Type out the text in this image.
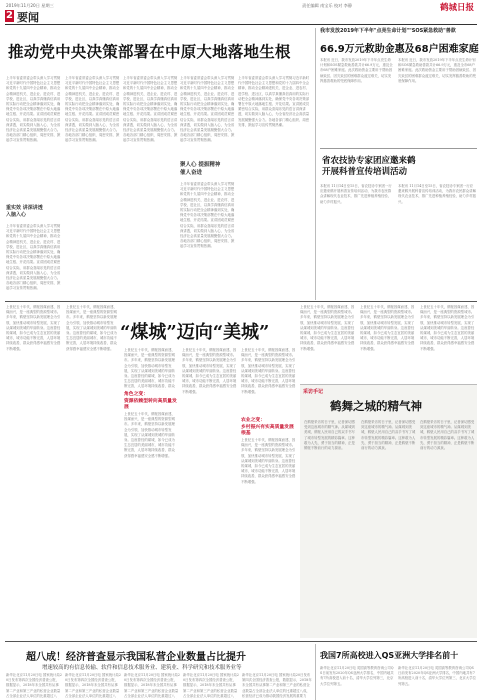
2019年11月20日 星期三	责任编辑 南宝乐 校对 李静	鹤城日报
2 要闻
推动党中央决策部署在中原大地落地生根
上半年省委常委会带头深入学习贯彻习近平新时代中国特色社会主义思想和党的十九届四中全会精神，推动全会精神进机关、进企业、进农村、进学校、进社区，以真学真懂真信真用的实际行动把全会精神落到实处，确保党中央各项决策部署在中原大地落地生根、开花结果。宣讲团成员紧密结合实际，用群众喜闻乐见的语言讲深讲透，切实做到入脑入心，为全省经济社会高质量发展凝聚强大合力。各地各部门精心组织、周密安排，掀起学习宣传贯彻热潮。
重实效 讲深讲透
入脑入心
上半年省委常委会带头深入学习贯彻习近平新时代中国特色社会主义思想和党的十九届四中全会精神，推动全会精神进机关、进企业、进农村、进学校、进社区，以真学真懂真信真用的实际行动把全会精神落到实处，确保党中央各项决策部署在中原大地落地生根、开花结果。宣讲团成员紧密结合实际，用群众喜闻乐见的语言讲深讲透，切实做到入脑入心，为全省经济社会高质量发展凝聚强大合力。各地各部门精心组织、周密安排，掀起学习宣传贯彻热潮。
上半年省委常委会带头深入学习贯彻习近平新时代中国特色社会主义思想和党的十九届四中全会精神，推动全会精神进机关、进企业、进农村、进学校、进社区，以真学真懂真信真用的实际行动把全会精神落到实处，确保党中央各项决策部署在中原大地落地生根、开花结果。宣讲团成员紧密结合实际，用群众喜闻乐见的语言讲深讲透，切实做到入脑入心，为全省经济社会高质量发展凝聚强大合力。各地各部门精心组织、周密安排，掀起学习宣传贯彻热潮。
上半年省委常委会带头深入学习贯彻习近平新时代中国特色社会主义思想和党的十九届四中全会精神，推动全会精神进机关、进企业、进农村、进学校、进社区，以真学真懂真信真用的实际行动把全会精神落到实处，确保党中央各项决策部署在中原大地落地生根、开花结果。宣讲团成员紧密结合实际，用群众喜闻乐见的语言讲深讲透，切实做到入脑入心，为全省经济社会高质量发展凝聚强大合力。各地各部门精心组织、周密安排，掀起学习宣传贯彻热潮。
上半年省委常委会带头深入学习贯彻习近平新时代中国特色社会主义思想和党的十九届四中全会精神，推动全会精神进机关、进企业、进农村、进学校、进社区，以真学真懂真信真用的实际行动把全会精神落到实处，确保党中央各项决策部署在中原大地落地生根、开花结果。宣讲团成员紧密结合实际，用群众喜闻乐见的语言讲深讲透，切实做到入脑入心，为全省经济社会高质量发展凝聚强大合力。各地各部门精心组织、周密安排，掀起学习宣传贯彻热潮。
聚人心 提振精神
催人奋进
上半年省委常委会带头深入学习贯彻习近平新时代中国特色社会主义思想和党的十九届四中全会精神，推动全会精神进机关、进企业、进农村、进学校、进社区，以真学真懂真信真用的实际行动把全会精神落到实处，确保党中央各项决策部署在中原大地落地生根、开花结果。宣讲团成员紧密结合实际，用群众喜闻乐见的语言讲深讲透，切实做到入脑入心，为全省经济社会高质量发展凝聚强大合力。各地各部门精心组织、周密安排，掀起学习宣传贯彻热潮。
上半年省委常委会带头深入学习贯彻习近平新时代中国特色社会主义思想和党的十九届四中全会精神，推动全会精神进机关、进企业、进农村、进学校、进社区，以真学真懂真信真用的实际行动把全会精神落到实处，确保党中央各项决策部署在中原大地落地生根、开花结果。宣讲团成员紧密结合实际，用群众喜闻乐见的语言讲深讲透，切实做到入脑入心，为全省经济社会高质量发展凝聚强大合力。各地各部门精心组织、周密安排，掀起学习宣传贯彻热潮。
我市发放2019年下半年"点亮生命计划""SOS紧急救助"善款
66.9万元救助金惠及68户困难家庭
本报讯 近日，我市发放2019年下半年点亮生命计划和SOS紧急救助善款共计66.9万元，惠及全市68户困难家庭。此次救助资金主要用于帮助因病致贫、因灾致贫的困难群众渡过难关，切实发挥慈善救助的兜底保障作用。
本报讯 近日，我市发放2019年下半年点亮生命计划和SOS紧急救助善款共计66.9万元，惠及全市68户困难家庭。此次救助资金主要用于帮助因病致贫、因灾致贫的困难群众渡过难关，切实发挥慈善救助的兜底保障作用。
省农技协专家团应邀来鹤
开展科普宣传培训活动
本报讯 11月14日至15日，省农技协专家团一行应邀来鹤开展科普宣传培训活动，为我市农民群众讲解现代农业技术，推广先进种植养殖经验，助力乡村振兴。
本报讯 11月14日至15日，省农技协专家团一行应邀来鹤开展科普宣传培训活动，为我市农民群众讲解现代农业技术，推广先进种植养殖经验，助力乡村振兴。
“煤城”迈向“美城”
上世纪五十年代，鹤壁因煤而建、因煤而兴，是一座典型的资源型城市。多年来，鹤壁坚持以新发展理念为引领，加快推动城市转型发展，实现了从煤城到美城的华丽转身。这座曾经的煤城，如今已成为生态宜居的美丽城市，城市功能不断完善，人居环境持续改善，群众获得感幸福感安全感不断增强。
上世纪五十年代，鹤壁因煤而建、因煤而兴，是一座典型的资源型城市。多年来，鹤壁坚持以新发展理念为引领，加快推动城市转型发展，实现了从煤城到美城的华丽转身。这座曾经的煤城，如今已成为生态宜居的美丽城市，城市功能不断完善，人居环境持续改善，群众获得感幸福感安全感不断增强。	上世纪五十年代，鹤壁因煤而建、因煤而兴，是一座典型的资源型城市。多年来，鹤壁坚持以新发展理念为引领，加快推动城市转型发展，实现了从煤城到美城的华丽转身。这座曾经的煤城，如今已成为生态宜居的美丽城市，城市功能不断完善，人居环境持续改善，群众
角色之变：
资源依赖型转向高质量发展
上世纪五十年代，鹤壁因煤而建、因煤而兴，是一座典型的资源型城市。多年来，鹤壁坚持以新发展理念为引领，加快推动城市转型发展，实现了从煤城到美城的华丽转身。这座曾经的煤城，如今已成为生态宜居的美丽城市，城市功能不断完善，人居环境持续改善，群众获得感幸福感安全感不断增强。
上世纪五十年代，鹤壁因煤而建、因煤而兴，是一座典型的资源型城市。多年来，鹤壁坚持以新发展理念为引领，加快推动城市转型发展，实现了从煤城到美城的华丽转身。这座曾经的煤城，如今已成为生态宜居的美丽城市，城市功能不断完善，人居环境持续改善，群众获得感幸福感安全感不断增强。
上世纪五十年代，鹤壁因煤而建、因煤而兴，是一座典型的资源型城市。多年来，鹤壁坚持以新发展理念为引领，加快推动城市转型发展，实现了从煤城到美城的华丽转身。这座曾经的煤城，如今已成为生态宜居的美丽城市，城市功能不断完善，人居环境持续改善，群众获得感幸福感安全感不断增强。
农业之变：
乡村振兴有实高质量发展根基
上世纪五十年代，鹤壁因煤而建、因煤而兴，是一座典型的资源型城市。多年来，鹤壁坚持以新发展理念为引领，加快推动城市转型发展，实现了从煤城到美城的华丽转身。这座曾经的煤城，如今已成为生态宜居的美丽城市，城市功能不断完善，人居环境持续改善，群众获得感幸福感安全感不断增强。
上世纪五十年代，鹤壁因煤而建、因煤而兴，是一座典型的资源型城市。多年来，鹤壁坚持以新发展理念为引领，加快推动城市转型发展，实现了从煤城到美城的华丽转身。这座曾经的煤城，如今已成为生态宜居的美丽城市，城市功能不断完善，人居环境持续改善，群众获得感幸福感安全感不断增强。
上世纪五十年代，鹤壁因煤而建、因煤而兴，是一座典型的资源型城市。多年来，鹤壁坚持以新发展理念为引领，加快推动城市转型发展，实现了从煤城到美城的华丽转身。这座曾经的煤城，如今已成为生态宜居的美丽城市，城市功能不断完善，人居环境持续改善，群众获得感幸福感安全感不断增强。
上世纪五十年代，鹤壁因煤而建、因煤而兴，是一座典型的资源型城市。多年来，鹤壁坚持以新发展理念为引领，加快推动城市转型发展，实现了从煤城到美城的华丽转身。这座曾经的煤城，如今已成为生态宜居的美丽城市，城市功能不断完善，人居环境持续改善，群众获得感幸福感安全感不断增强。
采访手记
鹤舞之城的精气神
在鹤壁采访的日子里，记者深切感受到这座城市的精气神。从煤城到美城，鹤壁人民用自己的双手书写了城市转型发展的精彩篇章。这种敢为人先、勇于担当的精神，正是鹤壁不断前行的动力源泉。
在鹤壁采访的日子里，记者深切感受到这座城市的精气神。从煤城到美城，鹤壁人民用自己的双手书写了城市转型发展的精彩篇章。这种敢为人先、勇于担当的精神，正是鹤壁不断前行的动力源泉。
在鹤壁采访的日子里，记者深切感受到这座城市的精气神。从煤城到美城，鹤壁人民用自己的双手书写了城市转型发展的精彩篇章。这种敢为人先、勇于担当的精神，正是鹤壁不断前行的动力源泉。
超八成！经济普查显示我国私营企业数量占比提升
增速较高的有信息传输、软件和信息技术服务业、建筑业、科学研究和技术服务业等
新华社北京11月20日电 国家统计局20日发布第四次全国经济普查公报，数据显示，2018年末全国共有从事第二产业和第三产业的私营企业数量占全部企业法人单位的比重超过八
新华社北京11月20日电 国家统计局20日发布第四次全国经济普查公报，数据显示，2018年末全国共有从事第二产业和第三产业的私营企业数量占全部企业法人单位的比重超过八
新华社北京11月20日电 国家统计局20日发布第四次全国经济普查公报，数据显示，2018年末全国共有从事第二产业和第三产业的私营企业数量占全部企业法人单位的比重超过八
新华社北京11月20日电 国家统计局20日发布第四次全国经济普查公报，数据显示，2018年末全国共有从事第二产业和第三产业的私营企业数量占全部企业法人单位的比重超过八
新华社北京11月20日电 国家统计局20日发布第四次全国经济普查公报，数据显示，2018年末全国共有从事第二产业和第三产业的私营企业数量占全部企业法人单位的比重超过八成，私营经济已成为推动我国经济发展的重要力
我国7所高校进入QS亚洲大学排名前十
新华社北京11月20日电 英国高等教育咨询公司QS日前发布2020年QS亚洲大学排名，中国内地共有7所高校进入前十名，清华大学位列第三，北京大学位列第五。
新华社北京11月20日电 英国高等教育咨询公司QS日前发布2020年QS亚洲大学排名，中国内地共有7所高校进入前十名，清华大学位列第三，北京大学位列第五。
